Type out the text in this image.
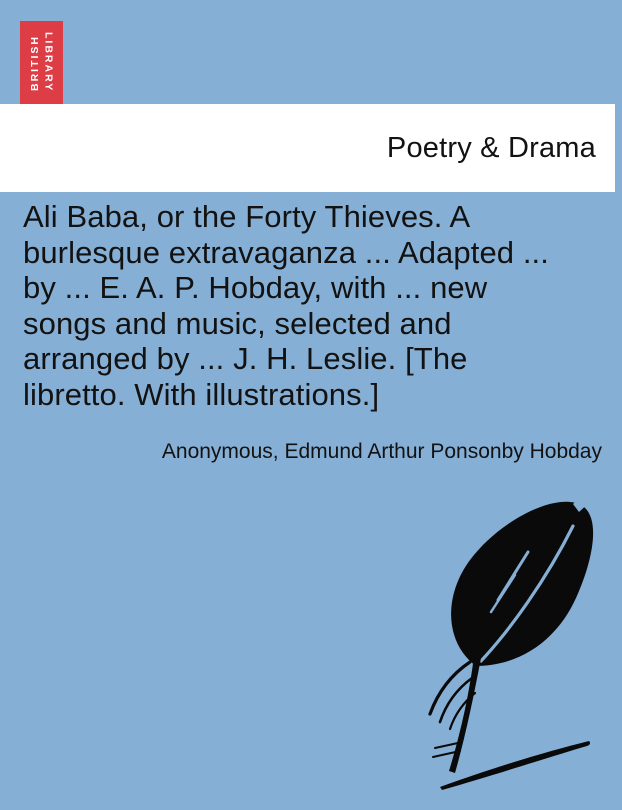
BRITISH LIBRARY
Poetry & Drama
Ali Baba, or the Forty Thieves. A
burlesque extravaganza ... Adapted ...
by ... E. A. P. Hobday, with ... new
songs and music, selected and
arranged by ... J. H. Leslie. [The
libretto. With illustrations.]
Anonymous, Edmund Arthur Ponsonby Hobday
